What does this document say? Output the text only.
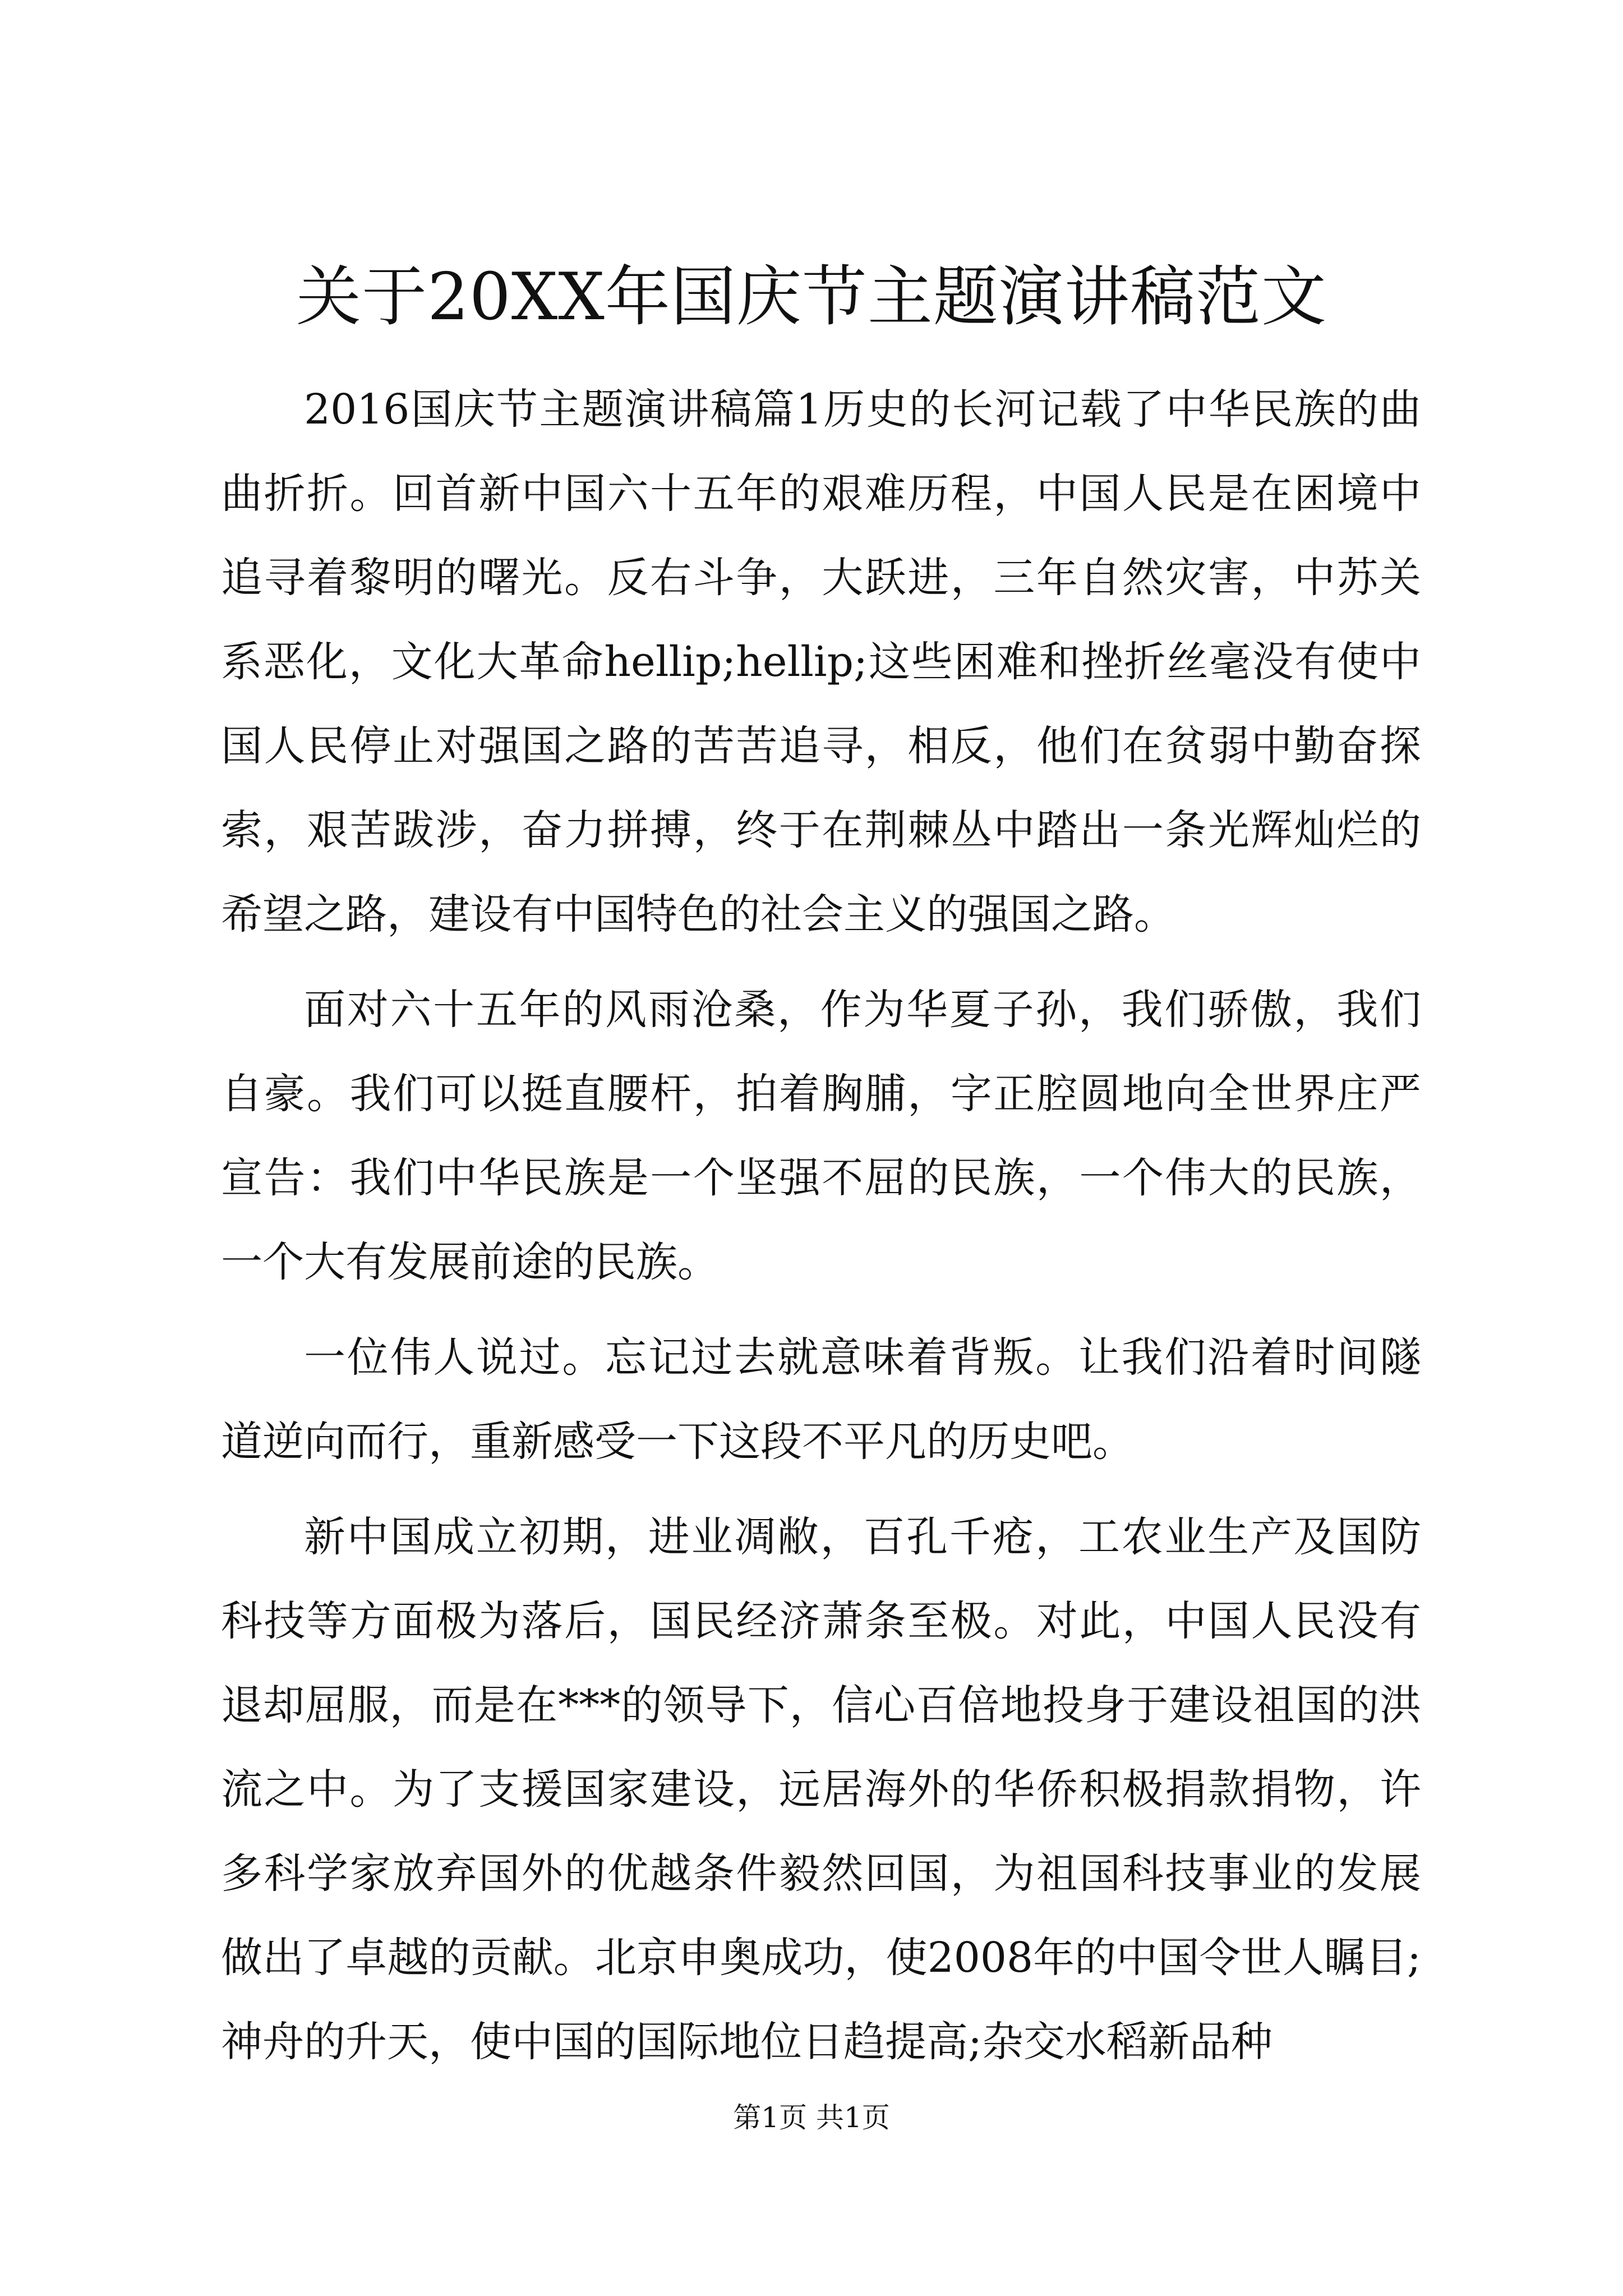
关于20XX年国庆节主题演讲稿范文

2016国庆节主题演讲稿篇1历史的长河记载了中华民族的曲曲折折。回首新中国六十五年的艰难历程，中国人民是在困境中追寻着黎明的曙光。反右斗争，大跃进，三年自然灾害，中苏关系恶化，文化大革命hellip;hellip;这些困难和挫折丝毫没有使中国人民停止对强国之路的苦苦追寻，相反，他们在贫弱中勤奋探索，艰苦跋涉，奋力拼搏，终于在荆棘丛中踏出一条光辉灿烂的希望之路，建设有中国特色的社会主义的强国之路。

面对六十五年的风雨沧桑，作为华夏子孙，我们骄傲，我们自豪。我们可以挺直腰杆，拍着胸脯，字正腔圆地向全世界庄严宣告：我们中华民族是一个坚强不屈的民族，一个伟大的民族，一个大有发展前途的民族。

一位伟人说过。忘记过去就意味着背叛。让我们沿着时间隧道逆向而行，重新感受一下这段不平凡的历史吧。

新中国成立初期，进业凋敝，百孔千疮，工农业生产及国防科技等方面极为落后，国民经济萧条至极。对此，中国人民没有退却屈服，而是在***的领导下，信心百倍地投身于建设祖国的洪流之中。为了支援国家建设，远居海外的华侨积极捐款捐物，许多科学家放弃国外的优越条件毅然回国，为祖国科技事业的发展做出了卓越的贡献。北京申奥成功，使2008年的中国令世人瞩目;神舟的升天，使中国的国际地位日趋提高;杂交水稻新品种

第1页 共1页
